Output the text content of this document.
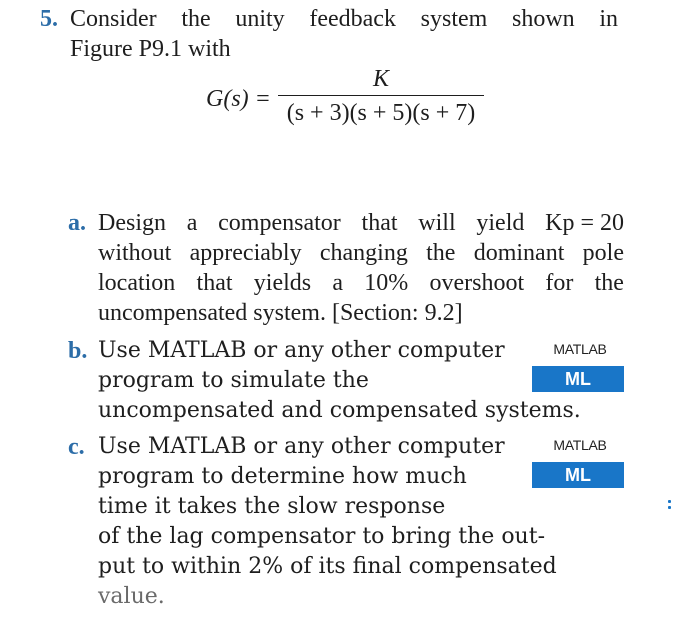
5. Consider the unity feedback system shown in
Figure P9.1 with
G(s) =
K
(s + 3)(s + 5)(s + 7)
a. Design a compensator that will yield Kp = 20
without appreciably changing the dominant pole
location that yields a 10% overshoot for the
uncompensated system. [Section: 9.2]
b. Use MATLAB or any other computer	MATLAB
program to simulate the	ML
uncompensated and compensated systems.
c. Use MATLAB or any other computer	MATLAB
program to determine how much	ML
time it takes the slow response
of the lag compensator to bring the out-
put to within 2% of its final compensated
value.
